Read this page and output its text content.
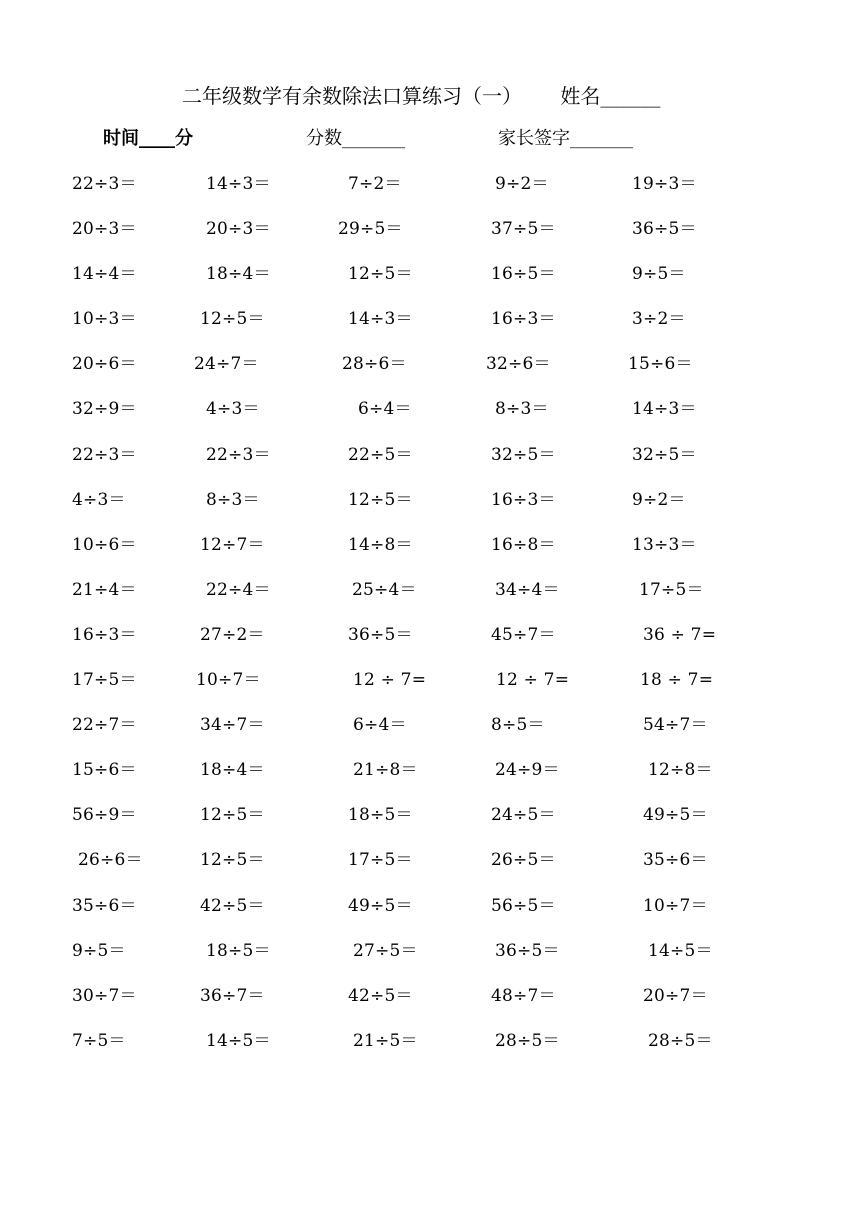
二年级数学有余数除法口算练习（一） 姓名______
时间____分	分数_______	家长签字_______
22÷3＝	14÷3＝	7÷2＝	9÷2＝	19÷3＝
20÷3＝	20÷3＝	29÷5＝	37÷5＝	36÷5＝
14÷4＝	18÷4＝	12÷5＝	16÷5＝	9÷5＝
10÷3＝	12÷5＝	14÷3＝	16÷3＝	3÷2＝
20÷6＝	24÷7＝	28÷6＝	32÷6＝	15÷6＝
32÷9＝	4÷3＝	6÷4＝	8÷3＝	14÷3＝
22÷3＝	22÷3＝	22÷5＝	32÷5＝	32÷5＝
4÷3＝	8÷3＝	12÷5＝	16÷3＝	9÷2＝
10÷6＝	12÷7＝	14÷8＝	16÷8＝	13÷3＝
21÷4＝	22÷4＝	25÷4＝	34÷4＝	17÷5＝
16÷3＝	27÷2＝	36÷5＝	45÷7＝	36 ÷ 7=
17÷5＝	10÷7＝	12 ÷ 7=	12 ÷ 7=	18 ÷ 7=
22÷7＝	34÷7＝	6÷4＝	8÷5＝	54÷7＝
15÷6＝	18÷4＝	21÷8＝	24÷9＝	12÷8＝
56÷9＝	12÷5＝	18÷5＝	24÷5＝	49÷5＝
26÷6＝	12÷5＝	17÷5＝	26÷5＝	35÷6＝
35÷6＝	42÷5＝	49÷5＝	56÷5＝	10÷7＝
9÷5＝	18÷5＝	27÷5＝	36÷5＝	14÷5＝
30÷7＝	36÷7＝	42÷5＝	48÷7＝	20÷7＝
7÷5＝	14÷5＝	21÷5＝	28÷5＝	28÷5＝
